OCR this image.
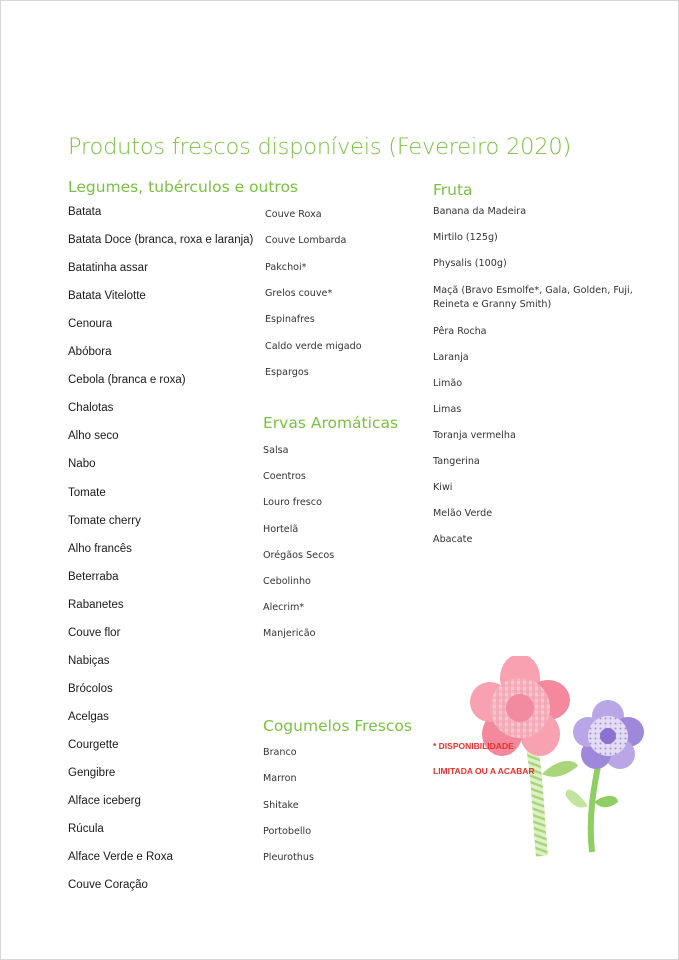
Produtos frescos disponíveis (Fevereiro 2020)
Legumes, tubérculos e outros
Batata
Batata Doce (branca, roxa e laranja)
Batatinha assar
Batata Vitelotte
Cenoura
Abóbora
Cebola (branca e roxa)
Chalotas
Alho seco
Nabo
Tomate
Tomate cherry
Alho francês
Beterraba
Rabanetes
Couve flor
Nabiças
Brócolos
Acelgas
Courgette
Gengibre
Alface iceberg
Rúcula
Alface Verde e Roxa
Couve Coração
Couve Roxa
Couve Lombarda
Pakchoi*
Grelos couve*
Espinafres
Caldo verde migado
Espargos
Ervas Aromáticas
Salsa
Coentros
Louro fresco
Hortelã
Orégãos Secos
Cebolinho
Alecrim*
Manjericão
Cogumelos Frescos
Branco
Marron
Shitake
Portobello
Pleurothus
Fruta
Banana da Madeira
Mirtilo (125g)
Physalis (100g)
Maçã (Bravo Esmolfe*, Gala, Golden, Fuji, Reineta e Granny Smith)
Pêra Rocha
Laranja
Limão
Limas
Toranja vermelha
Tangerina
Kiwi
Melão Verde
Abacate
* DISPONIBILIDADE
LIMITADA OU A ACABAR
